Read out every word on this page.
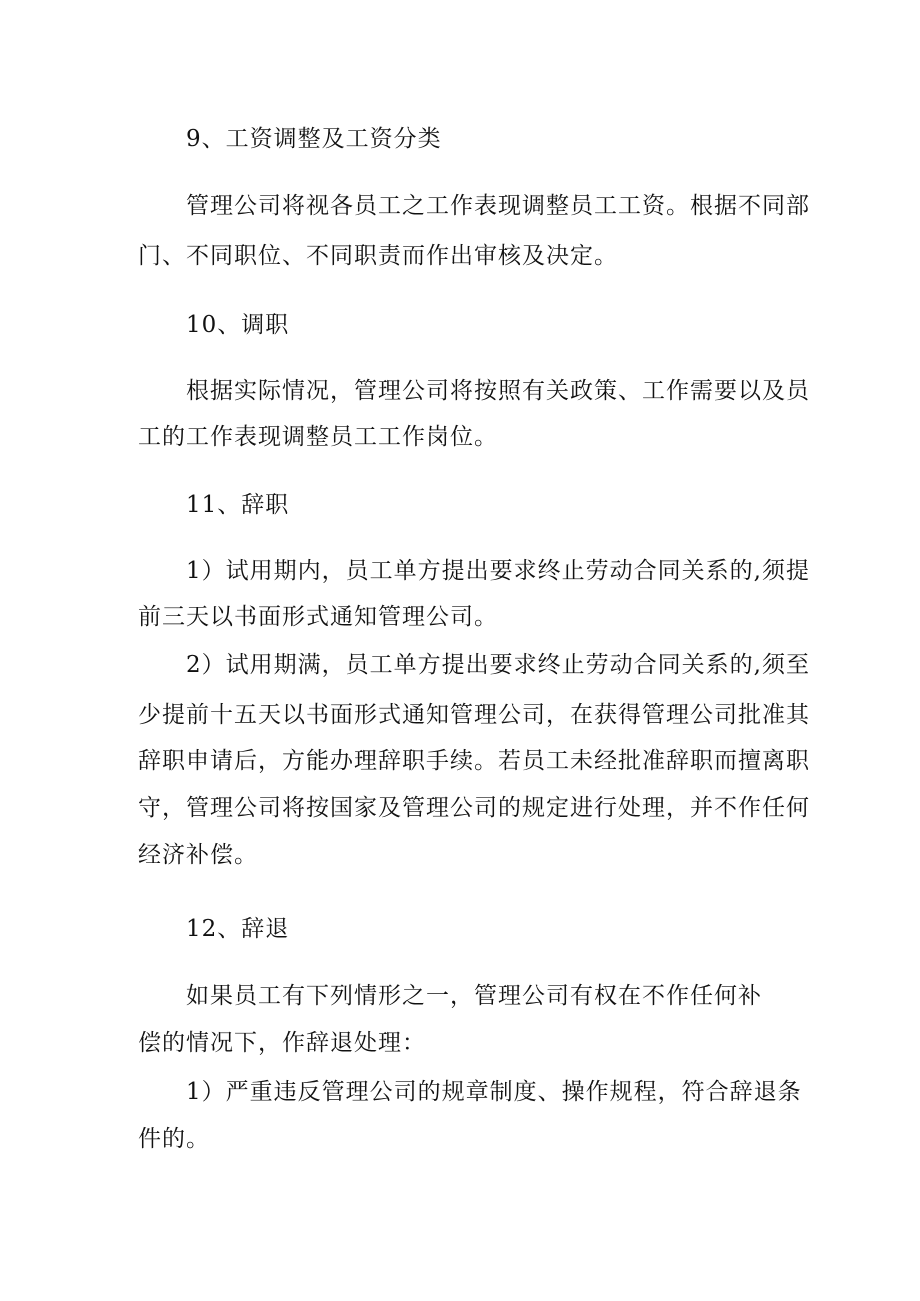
9、工资调整及工资分类
管理公司将视各员工之工作表现调整员工工资。根据不同部
门、不同职位、不同职责而作出审核及决定。
10、调职
根据实际情况，管理公司将按照有关政策、工作需要以及员
工的工作表现调整员工工作岗位。
11、辞职
1）试用期内，员工单方提出要求终止劳动合同关系的,须提
前三天以书面形式通知管理公司。
2）试用期满，员工单方提出要求终止劳动合同关系的,须至
少提前十五天以书面形式通知管理公司，在获得管理公司批准其
辞职申请后，方能办理辞职手续。若员工未经批准辞职而擅离职
守，管理公司将按国家及管理公司的规定进行处理，并不作任何
经济补偿。
12、辞退
如果员工有下列情形之一，管理公司有权在不作任何补
偿的情况下，作辞退处理：
1）严重违反管理公司的规章制度、操作规程，符合辞退条
件的。
